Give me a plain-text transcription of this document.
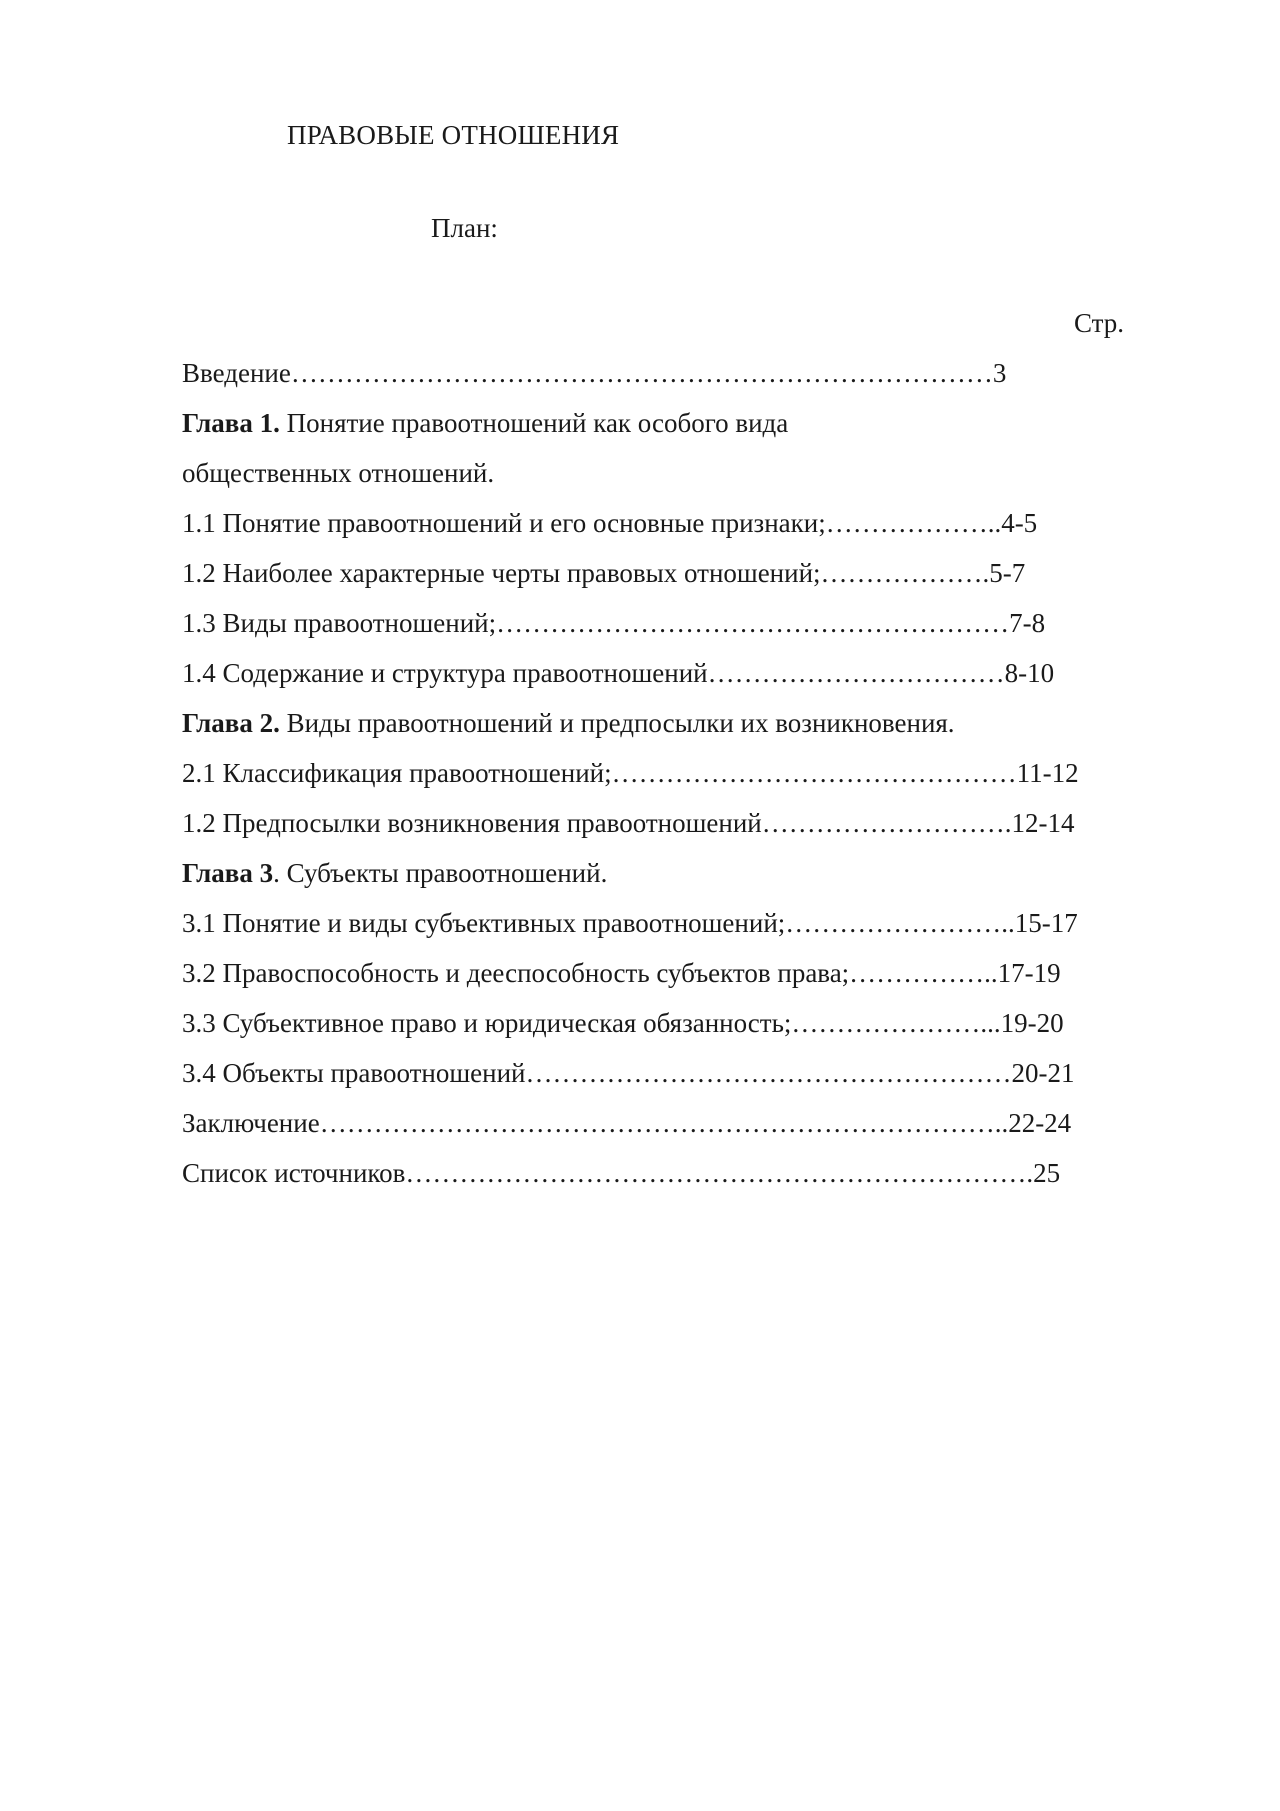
ПРАВОВЫЕ ОТНОШЕНИЯ
План:
Стр.
Введение……………………………………………………………………3
Глава 1. Понятие правоотношений как особого вида
общественных отношений.
1.1 Понятие правоотношений и его основные признаки;………………..4-5
1.2 Наиболее характерные черты правовых отношений;……………….5-7
1.3 Виды правоотношений;…………………………………………………7-8
1.4 Содержание и структура правоотношений……………………………8-10
Глава 2. Виды правоотношений и предпосылки их возникновения.
2.1 Классификация правоотношений;………………………………………11-12
1.2 Предпосылки возникновения правоотношений……………………….12-14
Глава 3. Субъекты правоотношений.
3.1 Понятие и виды субъективных правоотношений;……………………..15-17
3.2 Правоспособность и дееспособность субъектов права;……………..17-19
3.3 Субъективное право и юридическая обязанность;…………………...19-20
3.4 Объекты правоотношений………………………………………………20-21
Заключение…………………………………………………………………..22-24
Список источников…………………………………………………………….25
